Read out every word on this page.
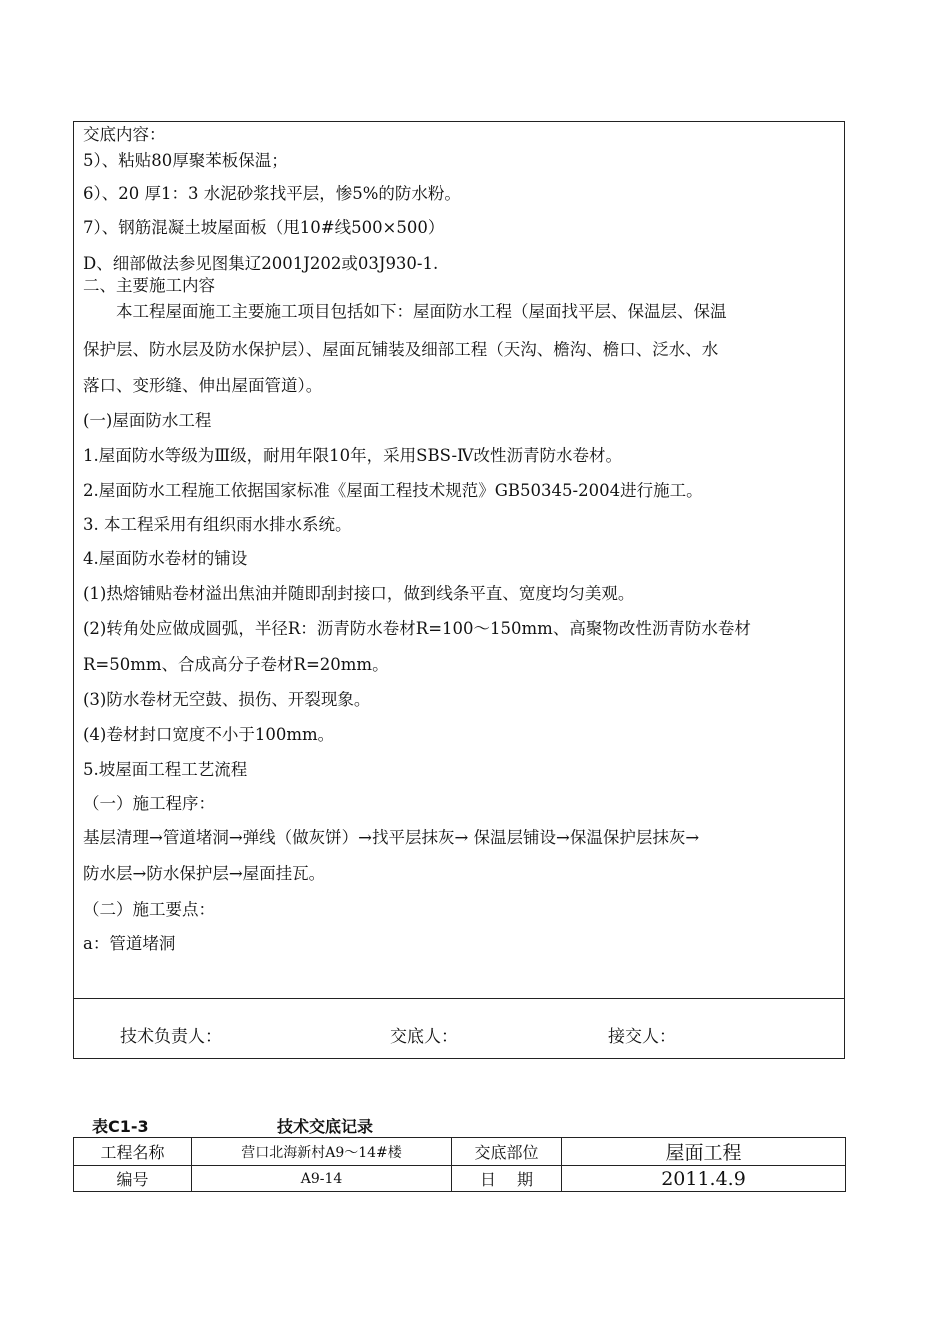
交底内容：
5）、粘贴80厚聚苯板保温；
6）、20 厚1：3 水泥砂浆找平层，惨5%的防水粉。
7）、钢筋混凝土坡屋面板（甩10#线500×500）
D、细部做法参见图集辽2001J202或03J930-1.
二、主要施工内容
　　本工程屋面施工主要施工项目包括如下：屋面防水工程（屋面找平层、保温层、保温
保护层、防水层及防水保护层）、屋面瓦铺装及细部工程（天沟、檐沟、檐口、泛水、水
落口、变形缝、伸出屋面管道）。
(一)屋面防水工程
1.屋面防水等级为Ⅲ级，耐用年限10年，采用SBS-Ⅳ改性沥青防水卷材。
2.屋面防水工程施工依据国家标准《屋面工程技术规范》GB50345-2004进行施工。
3. 本工程采用有组织雨水排水系统。
4.屋面防水卷材的铺设
(1)热熔铺贴卷材溢出焦油并随即刮封接口，做到线条平直、宽度均匀美观。
(2)转角处应做成圆弧，半径R：沥青防水卷材R=100～150mm、高聚物改性沥青防水卷材
R=50mm、合成高分子卷材R=20mm。
(3)防水卷材无空鼓、损伤、开裂现象。
(4)卷材封口宽度不小于100mm。
5.坡屋面工程工艺流程
（一）施工程序：
基层清理→管道堵洞→弹线（做灰饼）→找平层抹灰→ 保温层铺设→保温保护层抹灰→
防水层→防水保护层→屋面挂瓦。
（二）施工要点：
a：管道堵洞
技术负责人：	交底人：	接交人：
表C1-3	技术交底记录
工程名称	营口北海新村A9～14#楼	交底部位	屋面工程
编号	A9-14	日　 期	2011.4.9
